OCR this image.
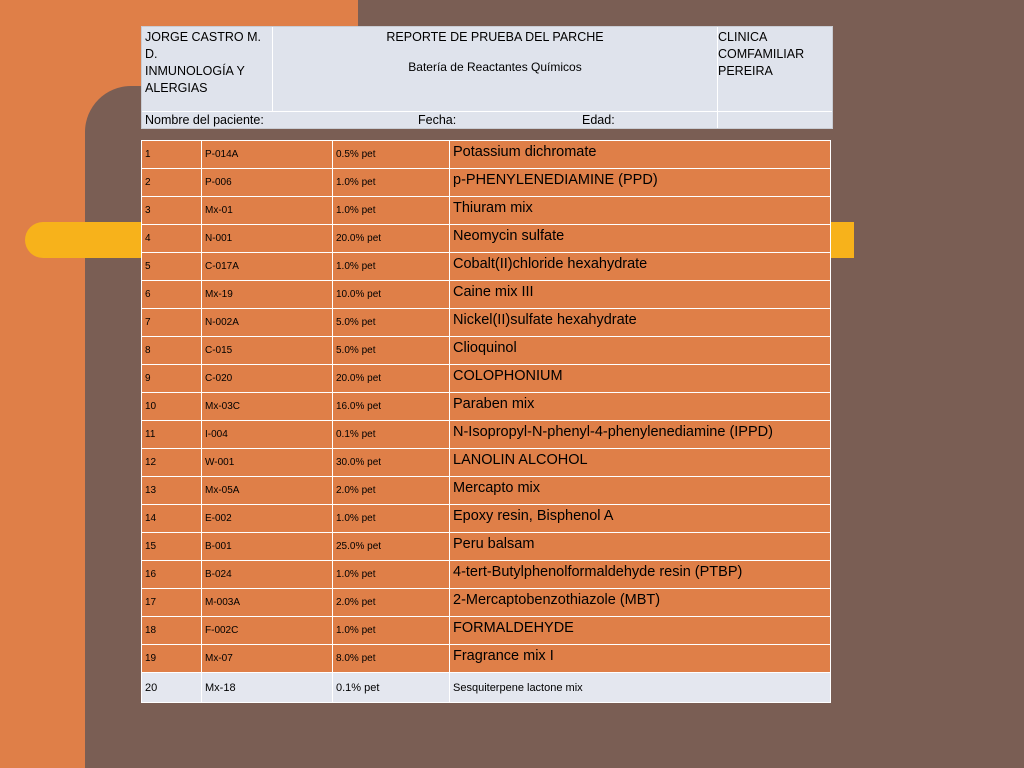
JORGE CASTRO M. D.
INMUNOLOGÍA Y ALERGIAS
REPORTE DE PRUEBA DEL PARCHE
Batería de Reactantes Químicos
CLINICA COMFAMILIAR PEREIRA
Nombre del paciente:	Fecha:	Edad:
1	P-014A	0.5% pet	Potassium dichromate
2	P-006	1.0% pet	p-PHENYLENEDIAMINE (PPD)
3	Mx-01	1.0% pet	Thiuram mix
4	N-001	20.0% pet	Neomycin sulfate
5	C-017A	1.0% pet	Cobalt(II)chloride hexahydrate
6	Mx-19	10.0% pet	Caine mix III
7	N-002A	5.0% pet	Nickel(II)sulfate hexahydrate
8	C-015	5.0% pet	Clioquinol
9	C-020	20.0% pet	COLOPHONIUM
10	Mx-03C	16.0% pet	Paraben mix
11	I-004	0.1% pet	N-Isopropyl-N-phenyl-4-phenylenediamine (IPPD)
12	W-001	30.0% pet	LANOLIN ALCOHOL
13	Mx-05A	2.0% pet	Mercapto mix
14	E-002	1.0% pet	Epoxy resin, Bisphenol A
15	B-001	25.0% pet	Peru balsam
16	B-024	1.0% pet	4-tert-Butylphenolformaldehyde resin (PTBP)
17	M-003A	2.0% pet	2-Mercaptobenzothiazole (MBT)
18	F-002C	1.0% pet	FORMALDEHYDE
19	Mx-07	8.0% pet	Fragrance mix I
20	Mx-18	0.1% pet	Sesquiterpene lactone mix
